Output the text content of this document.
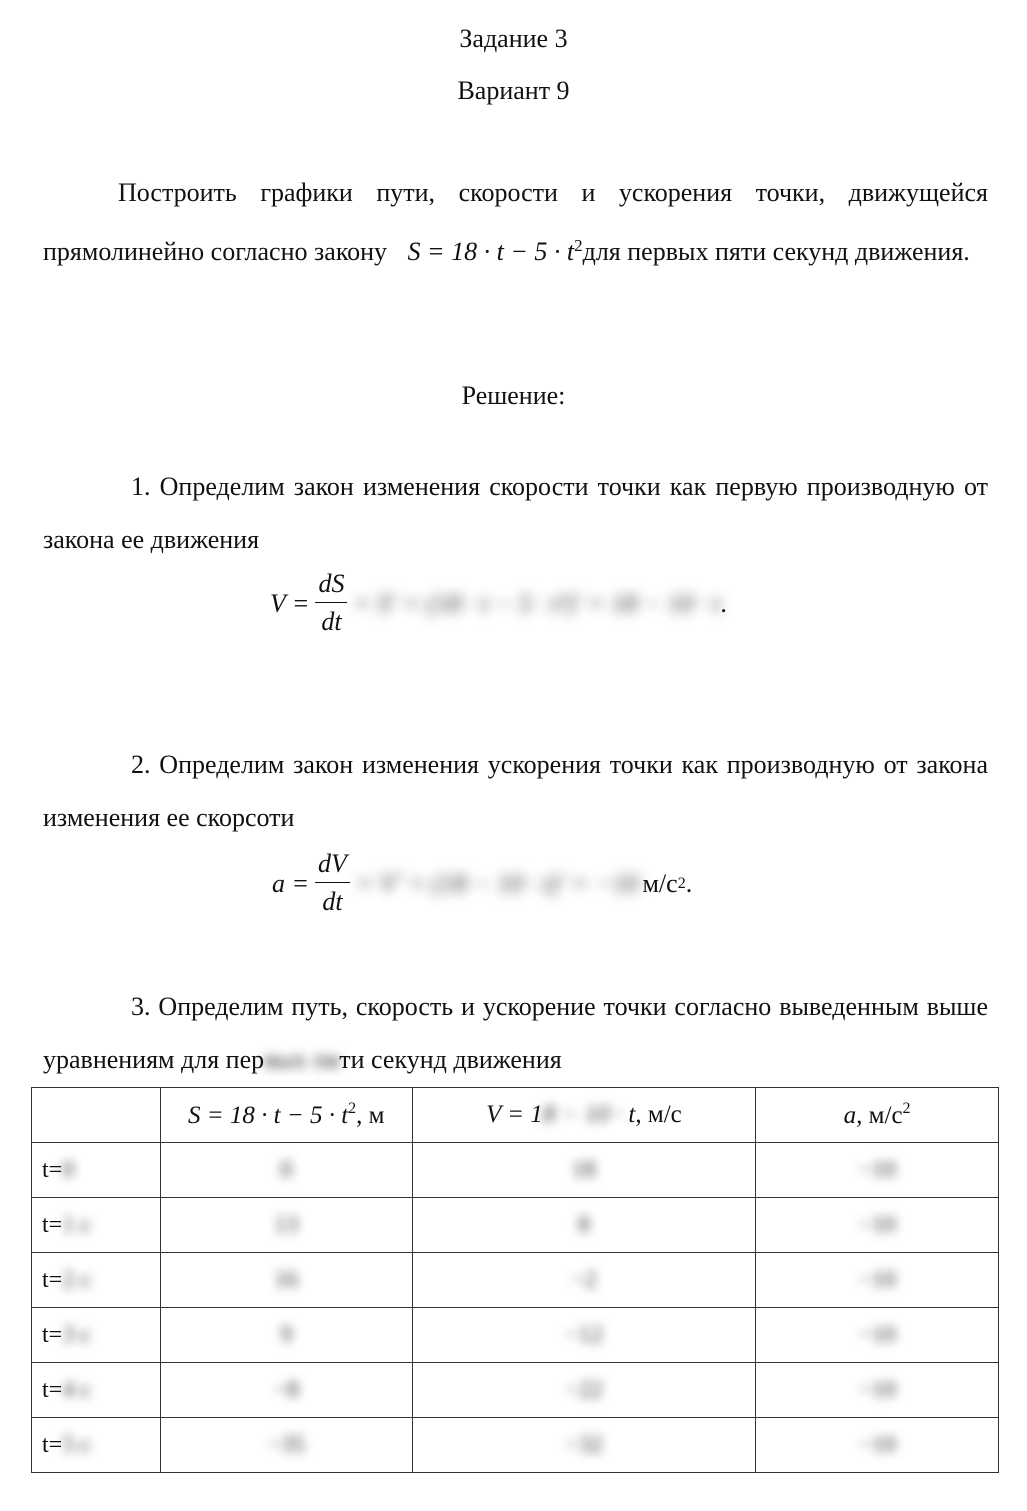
Задание 3
Вариант 9
Построить графики пути, скорости и ускорения точки, движущейся прямолинейно согласно закону $S = 18 \cdot t - 5 \cdot t^2для$ первых пяти секунд движения.
Решение:
1. Определим закон изменения скорости точки как первую производную от закона ее движения
$V = \frac{dS}{dt} = S' = (18 \cdot t - 5 \cdot t^2)' = 18 - 10 \cdot t$ .
2. Определим закон изменения ускорения точки как производную от закона изменения ее скорсоти
$a = \frac{dV}{dt} = V' = (18 - 10 \cdot t)' = -10$ м/с 2 .
3. Определим путь, скорость и ускорение точки согласно выведенным выше уравнениям для первых пяти секунд движения
	$S = 18 \cdot t - 5 \cdot t^2$, м	V = 18 − 10 · t, м/с	a, $м/с^2$
t=0	0	18	−10
t=1 с	13	8	−10
t=2 с	16	−2	−10
t=3 с	9	−12	−10
t=4 с	−8	−22	−10
t=5 с	−35	−32	−10
